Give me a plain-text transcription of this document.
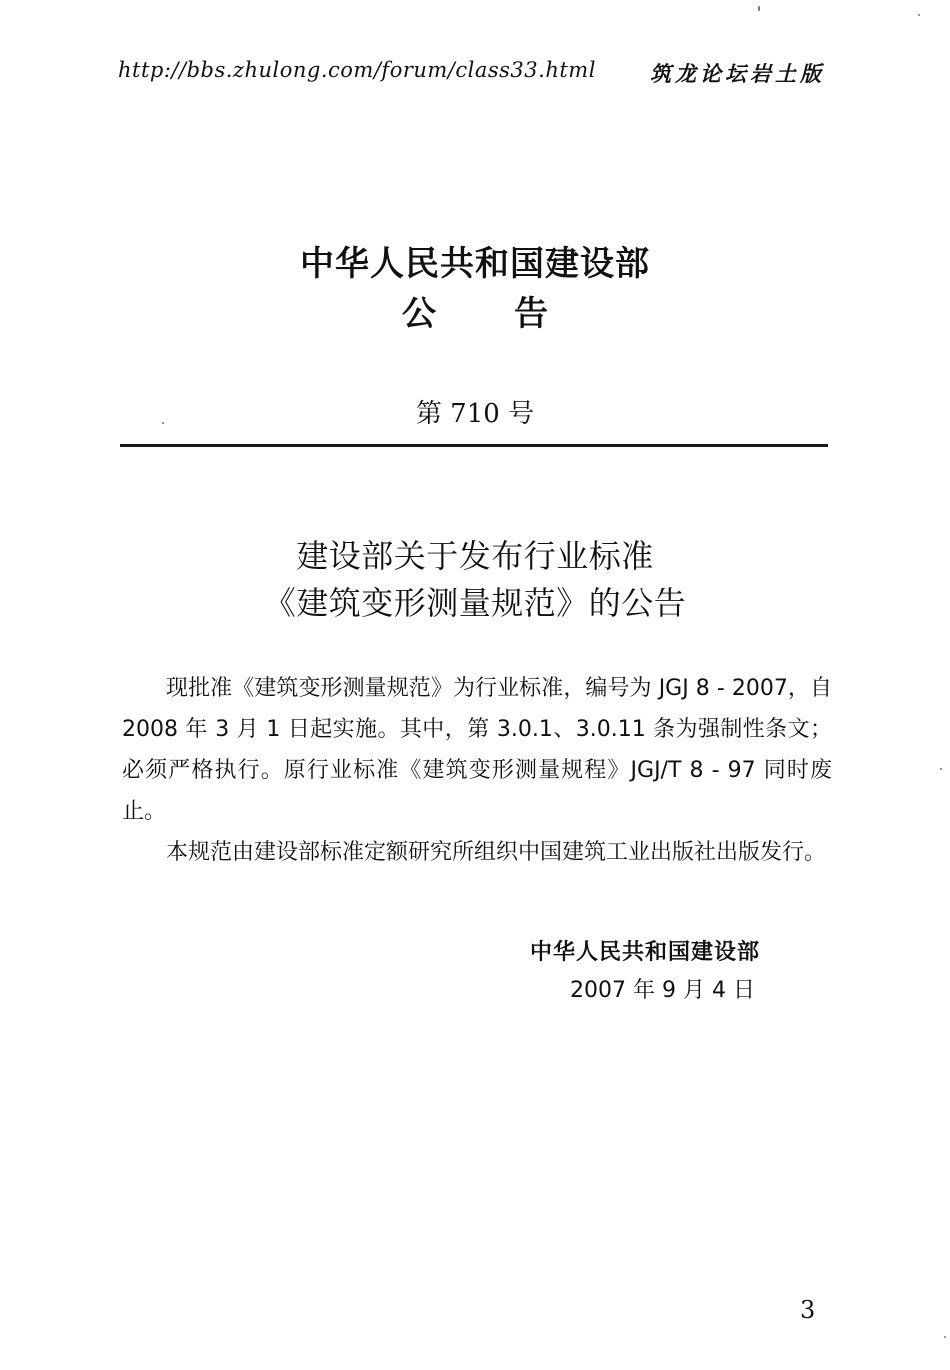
http://bbs.zhulong.com/forum/class33.html	筑龙论坛岩土版
中华人民共和国建设部
公 告
第 710 号
建设部关于发布行业标准
《建筑变形测量规范》的公告

现批准《建筑变形测量规范》为行业标准，编号为 JGJ 8 - 2007，自 2008 年 3 月 1 日起实施。其中，第 3.0.1、3.0.11 条为强制性条文；必须严格执行。原行业标准《建筑变形测量规程》JGJ/T 8 - 97 同时废止。

本规范由建设部标准定额研究所组织中国建筑工业出版社出版发行。

中华人民共和国建设部
2007 年 9 月 4 日
3
